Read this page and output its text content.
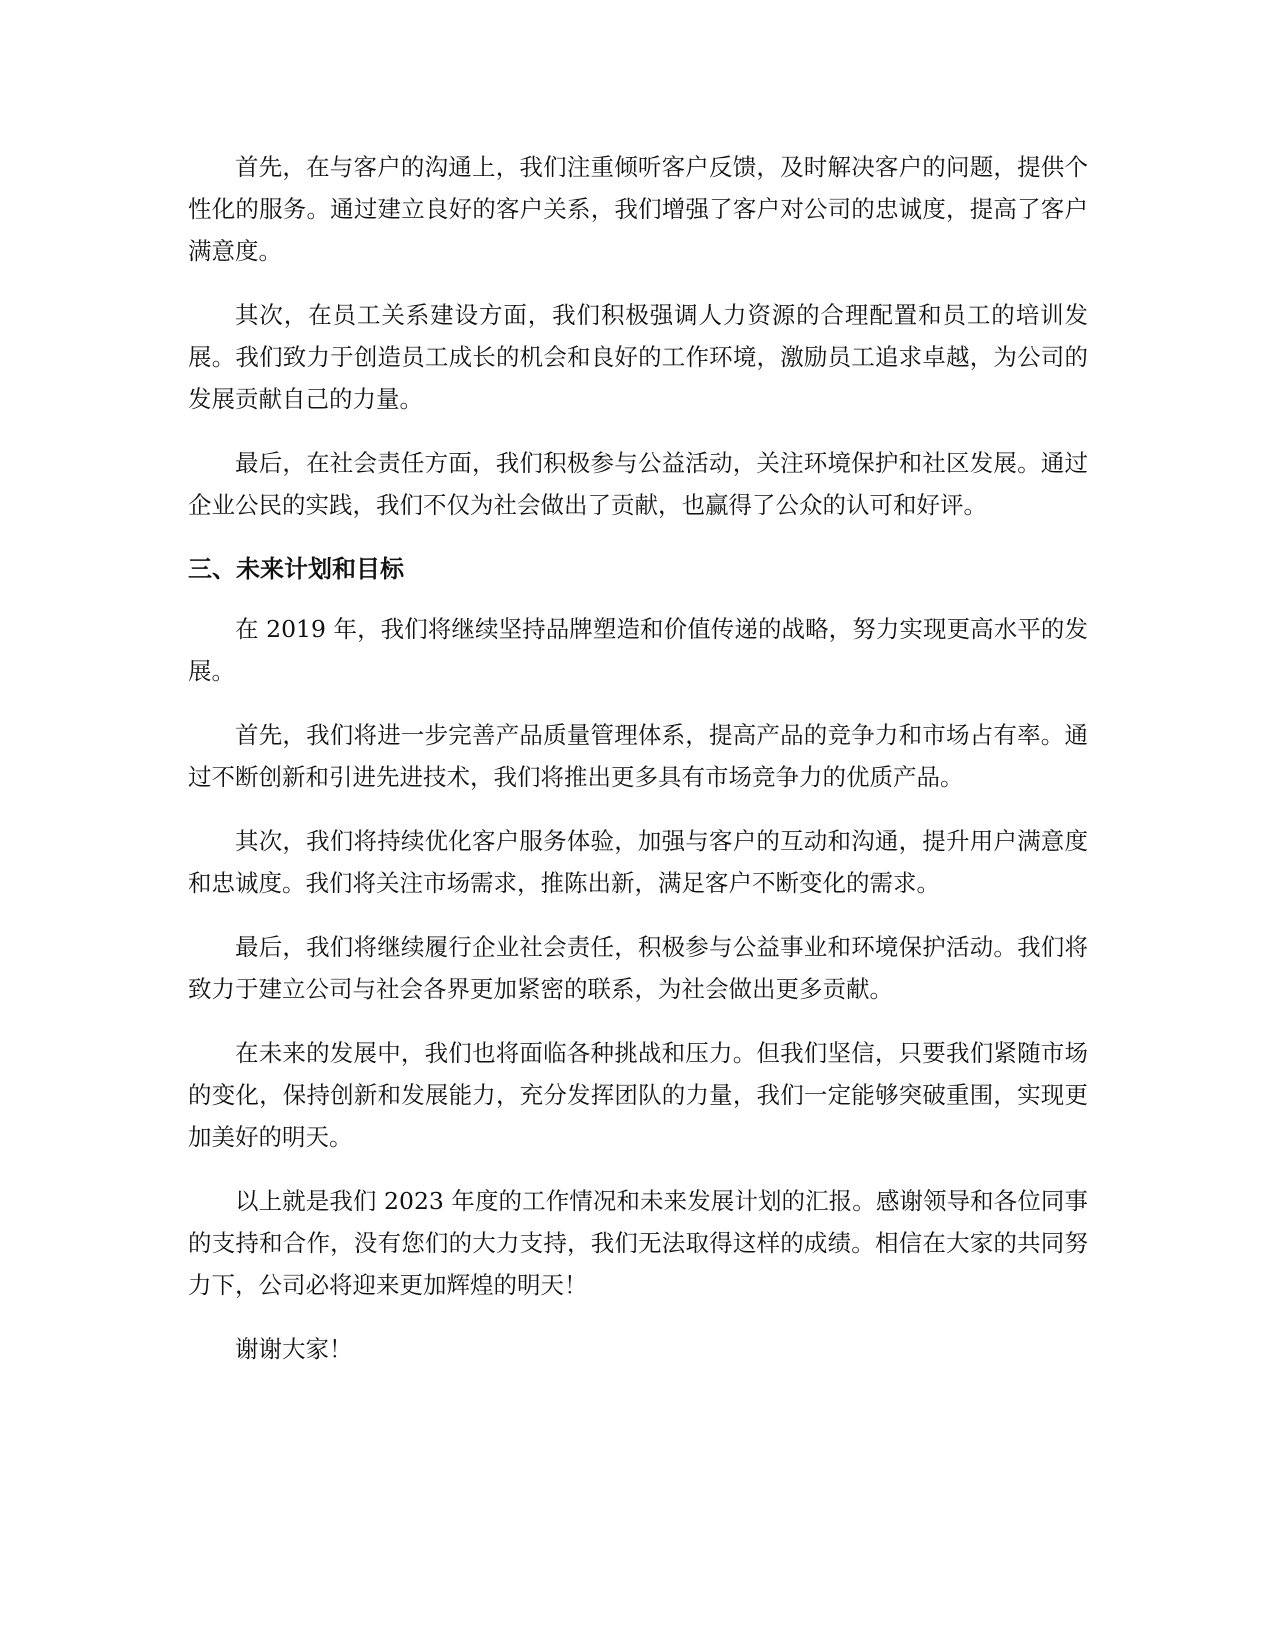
首先，在与客户的沟通上，我们注重倾听客户反馈，及时解决客户的问题，提供个性化的服务。通过建立良好的客户关系，我们增强了客户对公司的忠诚度，提高了客户满意度。

其次，在员工关系建设方面，我们积极强调人力资源的合理配置和员工的培训发展。我们致力于创造员工成长的机会和良好的工作环境，激励员工追求卓越，为公司的发展贡献自己的力量。

最后，在社会责任方面，我们积极参与公益活动，关注环境保护和社区发展。通过企业公民的实践，我们不仅为社会做出了贡献，也赢得了公众的认可和好评。

三、未来计划和目标

在 2019 年，我们将继续坚持品牌塑造和价值传递的战略，努力实现更高水平的发展。

首先，我们将进一步完善产品质量管理体系，提高产品的竞争力和市场占有率。通过不断创新和引进先进技术，我们将推出更多具有市场竞争力的优质产品。

其次，我们将持续优化客户服务体验，加强与客户的互动和沟通，提升用户满意度和忠诚度。我们将关注市场需求，推陈出新，满足客户不断变化的需求。

最后，我们将继续履行企业社会责任，积极参与公益事业和环境保护活动。我们将致力于建立公司与社会各界更加紧密的联系，为社会做出更多贡献。

在未来的发展中，我们也将面临各种挑战和压力。但我们坚信，只要我们紧随市场的变化，保持创新和发展能力，充分发挥团队的力量，我们一定能够突破重围，实现更加美好的明天。

以上就是我们 2023 年度的工作情况和未来发展计划的汇报。感谢领导和各位同事的支持和合作，没有您们的大力支持，我们无法取得这样的成绩。相信在大家的共同努力下，公司必将迎来更加辉煌的明天！

谢谢大家！
